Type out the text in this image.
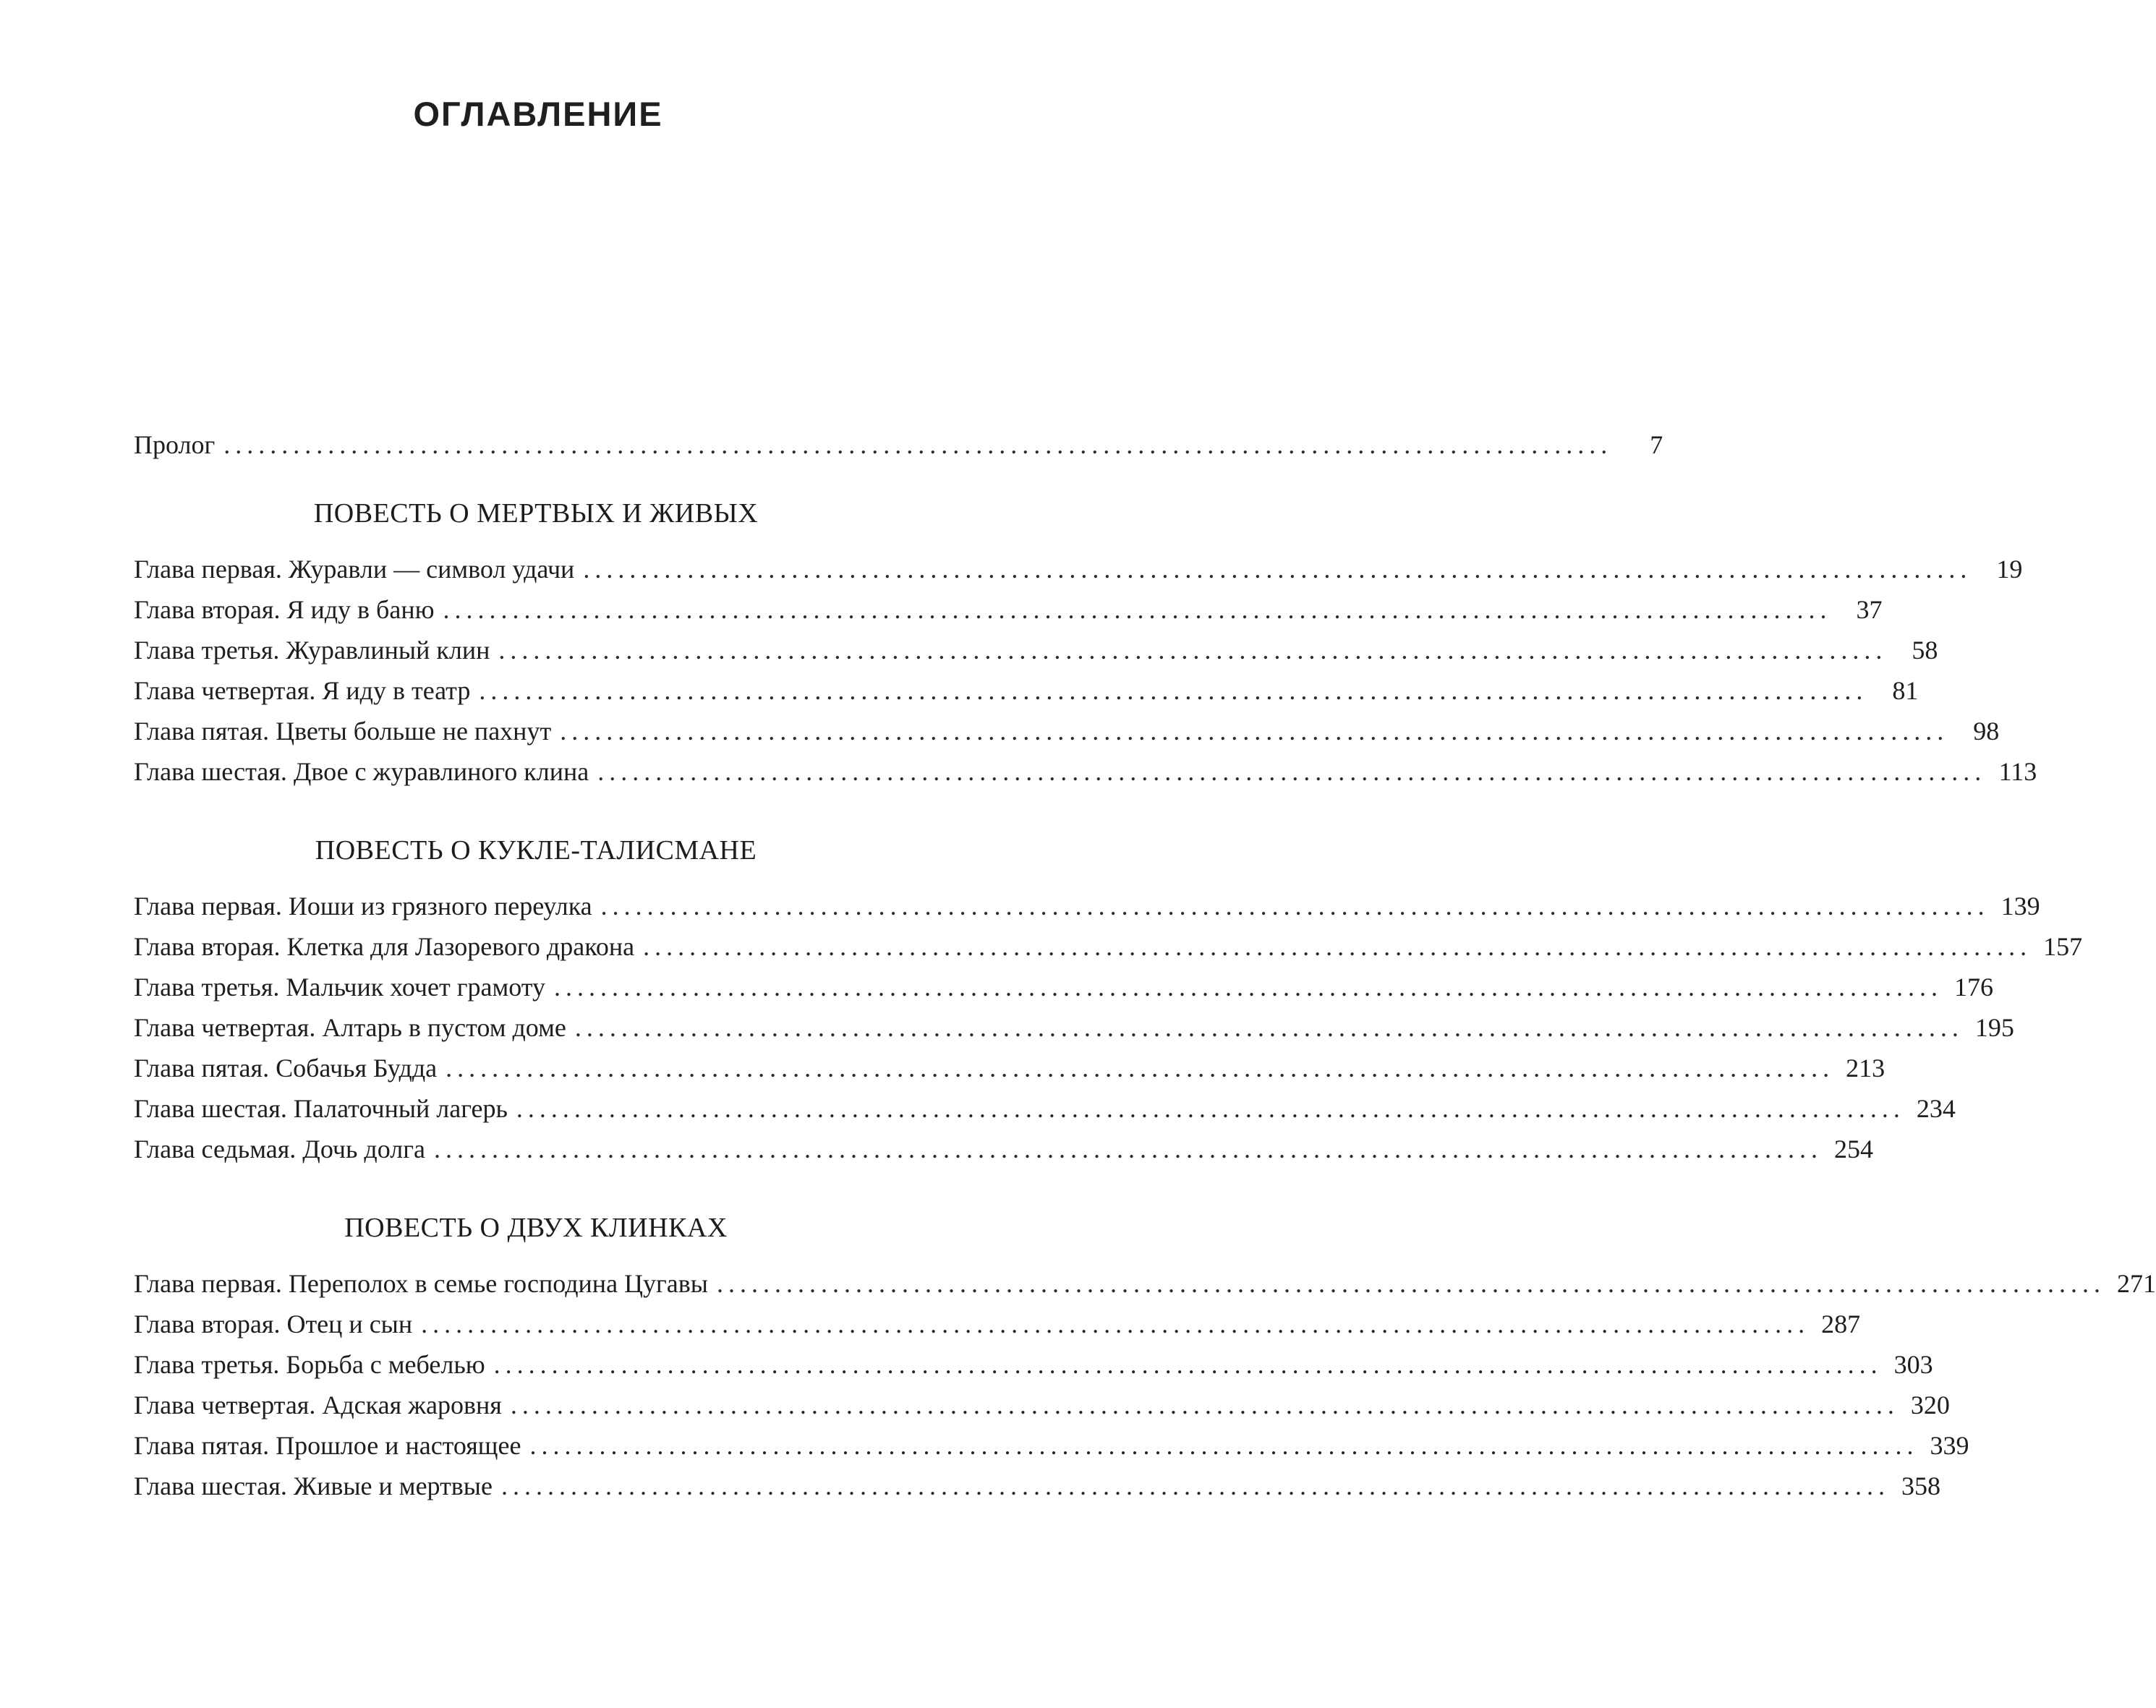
ОГЛАВЛЕНИЕ
Пролог ........................................................................................................................	7
ПОВЕСТЬ О МЕРТВЫХ И ЖИВЫХ
Глава первая. Журавли — символ удачи ........................................................................................................................ 19
Глава вторая. Я иду в баню ........................................................................................................................ 37
Глава третья. Журавлиный клин ........................................................................................................................ 58
Глава четвертая. Я иду в театр ........................................................................................................................ 81
Глава пятая. Цветы больше не пахнут ........................................................................................................................ 98
Глава шестая. Двое с журавлиного клина ........................................................................................................................ 113
ПОВЕСТЬ О КУКЛЕ-ТАЛИСМАНЕ
Глава первая. Иоши из грязного переулка ........................................................................................................................ 139
Глава вторая. Клетка для Лазоревого дракона ........................................................................................................................ 157
Глава третья. Мальчик хочет грамоту ........................................................................................................................ 176
Глава четвертая. Алтарь в пустом доме ........................................................................................................................ 195
Глава пятая. Собачья Будда ........................................................................................................................ 213
Глава шестая. Палаточный лагерь ........................................................................................................................ 234
Глава седьмая. Дочь долга ........................................................................................................................ 254
ПОВЕСТЬ О ДВУХ КЛИНКАХ
Глава первая. Переполох в семье господина Цугавы ........................................................................................................................ 271
Глава вторая. Отец и сын ........................................................................................................................ 287
Глава третья. Борьба с мебелью ........................................................................................................................ 303
Глава четвертая. Адская жаровня ........................................................................................................................ 320
Глава пятая. Прошлое и настоящее ........................................................................................................................ 339
Глава шестая. Живые и мертвые ........................................................................................................................ 358
